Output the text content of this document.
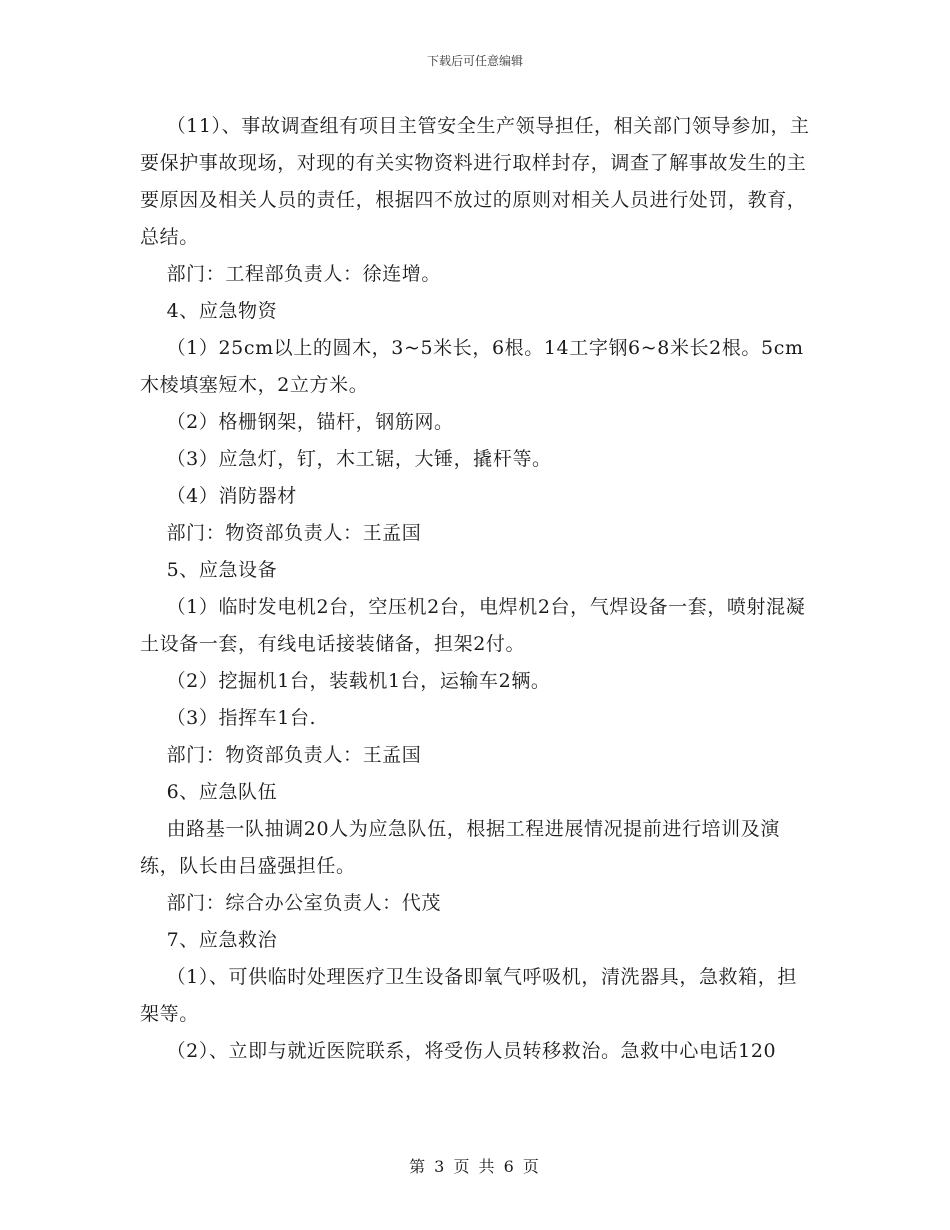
下载后可任意编辑

（11）、事故调查组有项目主管安全生产领导担任，相关部门领导参加，主要保护事故现场，对现的有关实物资料进行取样封存，调查了解事故发生的主要原因及相关人员的责任，根据四不放过的原则对相关人员进行处罚，教育，总结。

部门：工程部负责人：徐连增。

4、应急物资

（1）25cm以上的圆木，3~5米长，6根。14工字钢6~8米长2根。5cm木棱填塞短木，2立方米。

（2）格栅钢架，锚杆，钢筋网。

（3）应急灯，钉，木工锯，大锤，撬杆等。

（4）消防器材

部门：物资部负责人：王孟国

5、应急设备

（1）临时发电机2台，空压机2台，电焊机2台，气焊设备一套，喷射混凝土设备一套，有线电话接装储备，担架2付。

（2）挖掘机1台，装载机1台，运输车2辆。

（3）指挥车1台.

部门：物资部负责人：王孟国

6、应急队伍

由路基一队抽调20人为应急队伍，根据工程进展情况提前进行培训及演练，队长由吕盛强担任。

部门：综合办公室负责人：代茂

7、应急救治

（1）、可供临时处理医疗卫生设备即氧气呼吸机，清洗器具，急救箱，担架等。

（2）、立即与就近医院联系，将受伤人员转移救治。急救中心电话120

第 3 页 共 6 页
